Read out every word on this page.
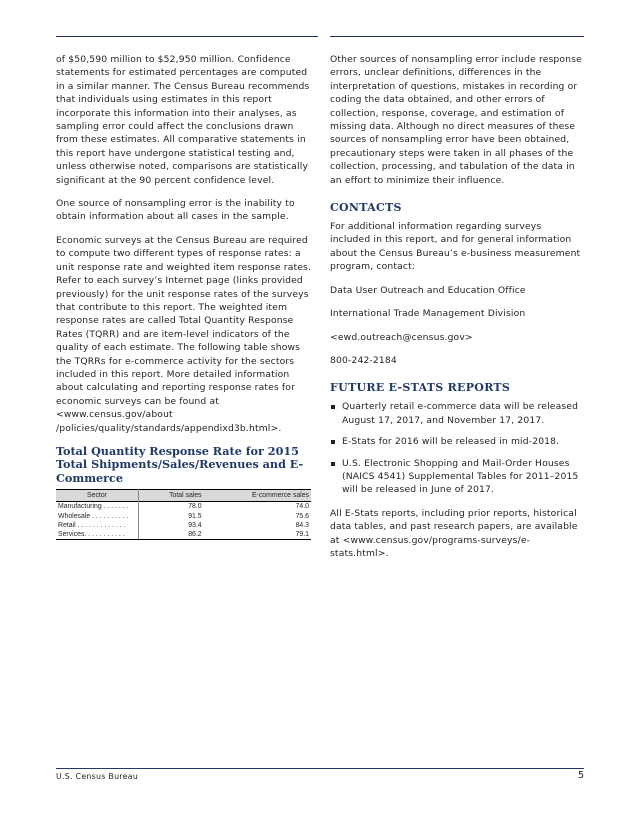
of $50,590 million to $52,950 million. Confidence statements for estimated percentages are computed in a similar manner. The Census Bureau recommends that individuals using estimates in this report incorporate this information into their analyses, as sampling error could affect the conclusions drawn from these estimates. All comparative statements in this report have undergone statistical testing and, unless otherwise noted, comparisons are statistically significant at the 90 percent confidence level.

One source of nonsampling error is the inability to obtain information about all cases in the sample.

Economic surveys at the Census Bureau are required to compute two different types of response rates: a unit response rate and weighted item response rates. Refer to each survey’s Internet page (links provided previously) for the unit response rates of the surveys that contribute to this report. The weighted item response rates are called Total Quantity Response Rates (TQRR) and are item-level indicators of the quality of each estimate. The following table shows the TQRRs for e-commerce activity for the sectors included in this report. More detailed information about calculating and reporting response rates for economic surveys can be found at <www.census.gov/about /policies/quality/standards/appendixd3b.html>.

Total Quantity Response Rate for 2015 Total Shipments/Sales/Revenues and E-Commerce
Sector	Total sales	E-commerce sales
Manufacturing . . . . . . .	78.0	74.0
Wholesale . . . . . . . . . .	91.5	75.6
Retail . . . . . . . . . . . . .	93.4	84.3
Services. . . . . . . . . . .	86.2	79.1

Other sources of nonsampling error include response errors, unclear definitions, differences in the interpretation of questions, mistakes in recording or coding the data obtained, and other errors of collection, response, coverage, and estimation of missing data. Although no direct measures of these sources of nonsampling error have been obtained, precautionary steps were taken in all phases of the collection, processing, and tabulation of the data in an effort to minimize their influence.

CONTACTS

For additional information regarding surveys included in this report, and for general information about the Census Bureau’s e-business measurement program, contact:

Data User Outreach and Education Office

International Trade Management Division

<ewd.outreach@census.gov>

800-242-2184

FUTURE E-STATS REPORTS
Quarterly retail e-commerce data will be released August 17, 2017, and November 17, 2017.
E-Stats for 2016 will be released in mid-2018.
U.S. Electronic Shopping and Mail-Order Houses (NAICS 4541) Supplemental Tables for 2011–2015 will be released in June of 2017.

All E-Stats reports, including prior reports, historical data tables, and past research papers, are available at <www.census.gov/programs-surveys/e-stats.html>.

U.S. Census Bureau	5
